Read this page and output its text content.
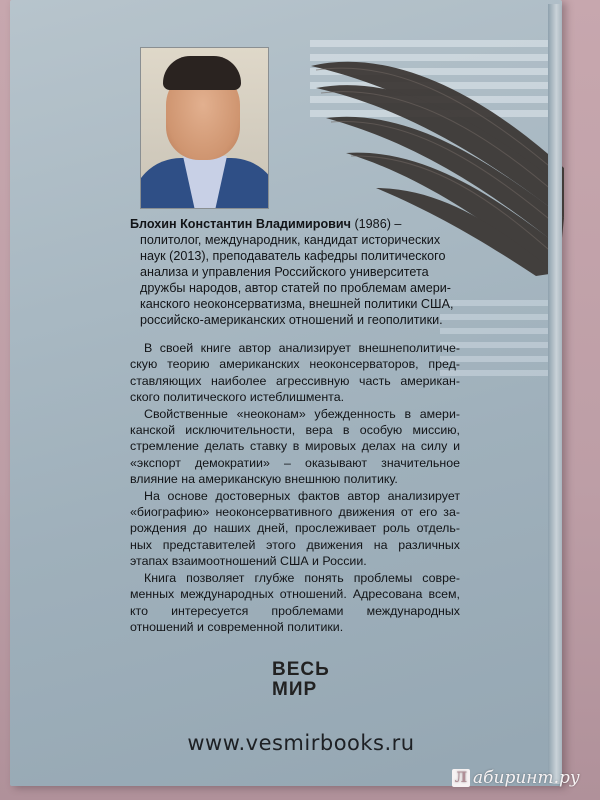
Блохин Константин Владимирович (1986) –
политолог, международник, кандидат исторических
наук (2013), преподаватель кафедры политического
анализа и управления Российского университета
дружбы народов, автор статей по проблемам амери-
канского неоконсерватизма, внешней политики США,
российско-американских отношений и геополитики.

В своей книге автор анализирует внешнеполитиче-скую теорию американских неоконсерваторов, пред-ставляющих наиболее агрессивную часть американ-ского политического истеблишмента.

Свойственные «неоконам» убежденность в амери-канской исключительности, вера в особую миссию, стремление делать ставку в мировых делах на силу и «экспорт демократии» – оказывают значительное влияние на американскую внешнюю политику.

На основе достоверных фактов автор анализирует «биографию» неоконсервативного движения от его за-рождения до наших дней, прослеживает роль отдель-ных представителей этого движения на различных этапах взаимоотношений США и России.

Книга позволяет глубже понять проблемы совре-менных международных отношений. Адресована всем, кто интересуется проблемами международных отношений и современной политики.

ВЕСЬ
МИР
www.vesmirbooks.ru
Л абиринт.ру
